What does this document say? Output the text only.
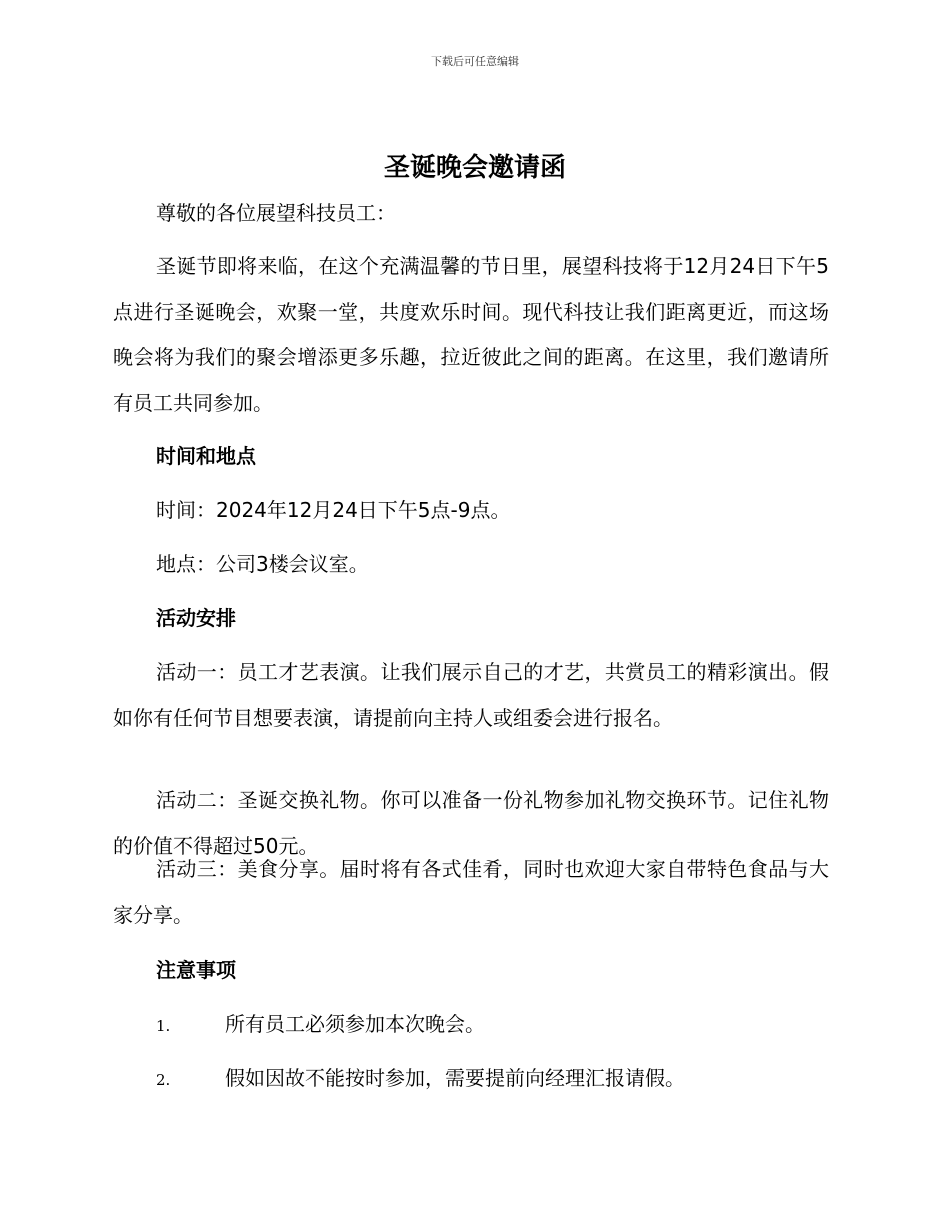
下载后可任意编辑
圣诞晚会邀请函
尊敬的各位展望科技员工：

圣诞节即将来临，在这个充满温馨的节日里，展望科技将于12月24日下午5点进行圣诞晚会，欢聚一堂，共度欢乐时间。现代科技让我们距离更近，而这场晚会将为我们的聚会增添更多乐趣，拉近彼此之间的距离。在这里，我们邀请所有员工共同参加。

时间和地点
时间：2024年12月24日下午5点-9点。
地点：公司3楼会议室。
活动安排

活动一：员工才艺表演。让我们展示自己的才艺，共赏员工的精彩演出。假如你有任何节目想要表演，请提前向主持人或组委会进行报名。

活动二：圣诞交换礼物。你可以准备一份礼物参加礼物交换环节。记住礼物的价值不得超过50元。

活动三：美食分享。届时将有各式佳肴，同时也欢迎大家自带特色食品与大家分享。

注意事项
1.	所有员工必须参加本次晚会。
2.	假如因故不能按时参加，需要提前向经理汇报请假。
